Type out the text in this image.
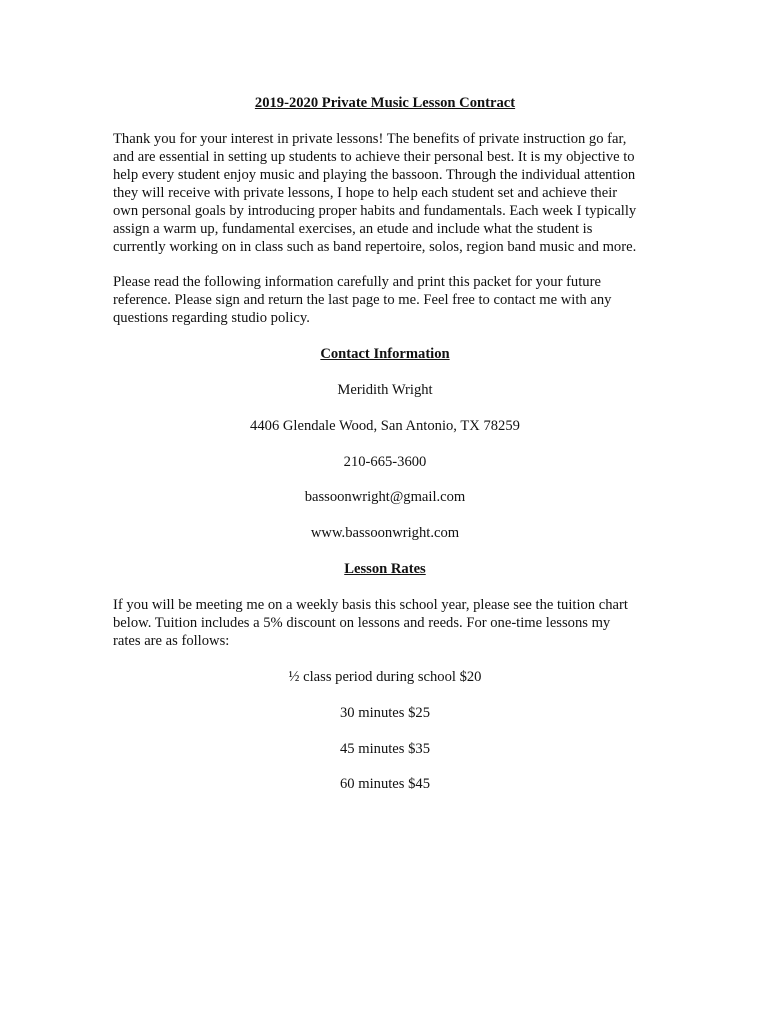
2019-2020 Private Music Lesson Contract

Thank you for your interest in private lessons! The benefits of private instruction go far,
and are essential in setting up students to achieve their personal best. It is my objective to
help every student enjoy music and playing the bassoon. Through the individual attention
they will receive with private lessons, I hope to help each student set and achieve their
own personal goals by introducing proper habits and fundamentals. Each week I typically
assign a warm up, fundamental exercises, an etude and include what the student is
currently working on in class such as band repertoire, solos, region band music and more.
Please read the following information carefully and print this packet for your future
reference. Please sign and return the last page to me. Feel free to contact me with any
questions regarding studio policy.

Contact Information

Meridith Wright

4406 Glendale Wood, San Antonio, TX 78259

210-665-3600

bassoonwright@gmail.com

www.bassoonwright.com

Lesson Rates

If you will be meeting me on a weekly basis this school year, please see the tuition chart
below. Tuition includes a 5% discount on lessons and reeds. For one-time lessons my
rates are as follows:

½ class period during school $20

30 minutes $25

45 minutes $35

60 minutes $45
